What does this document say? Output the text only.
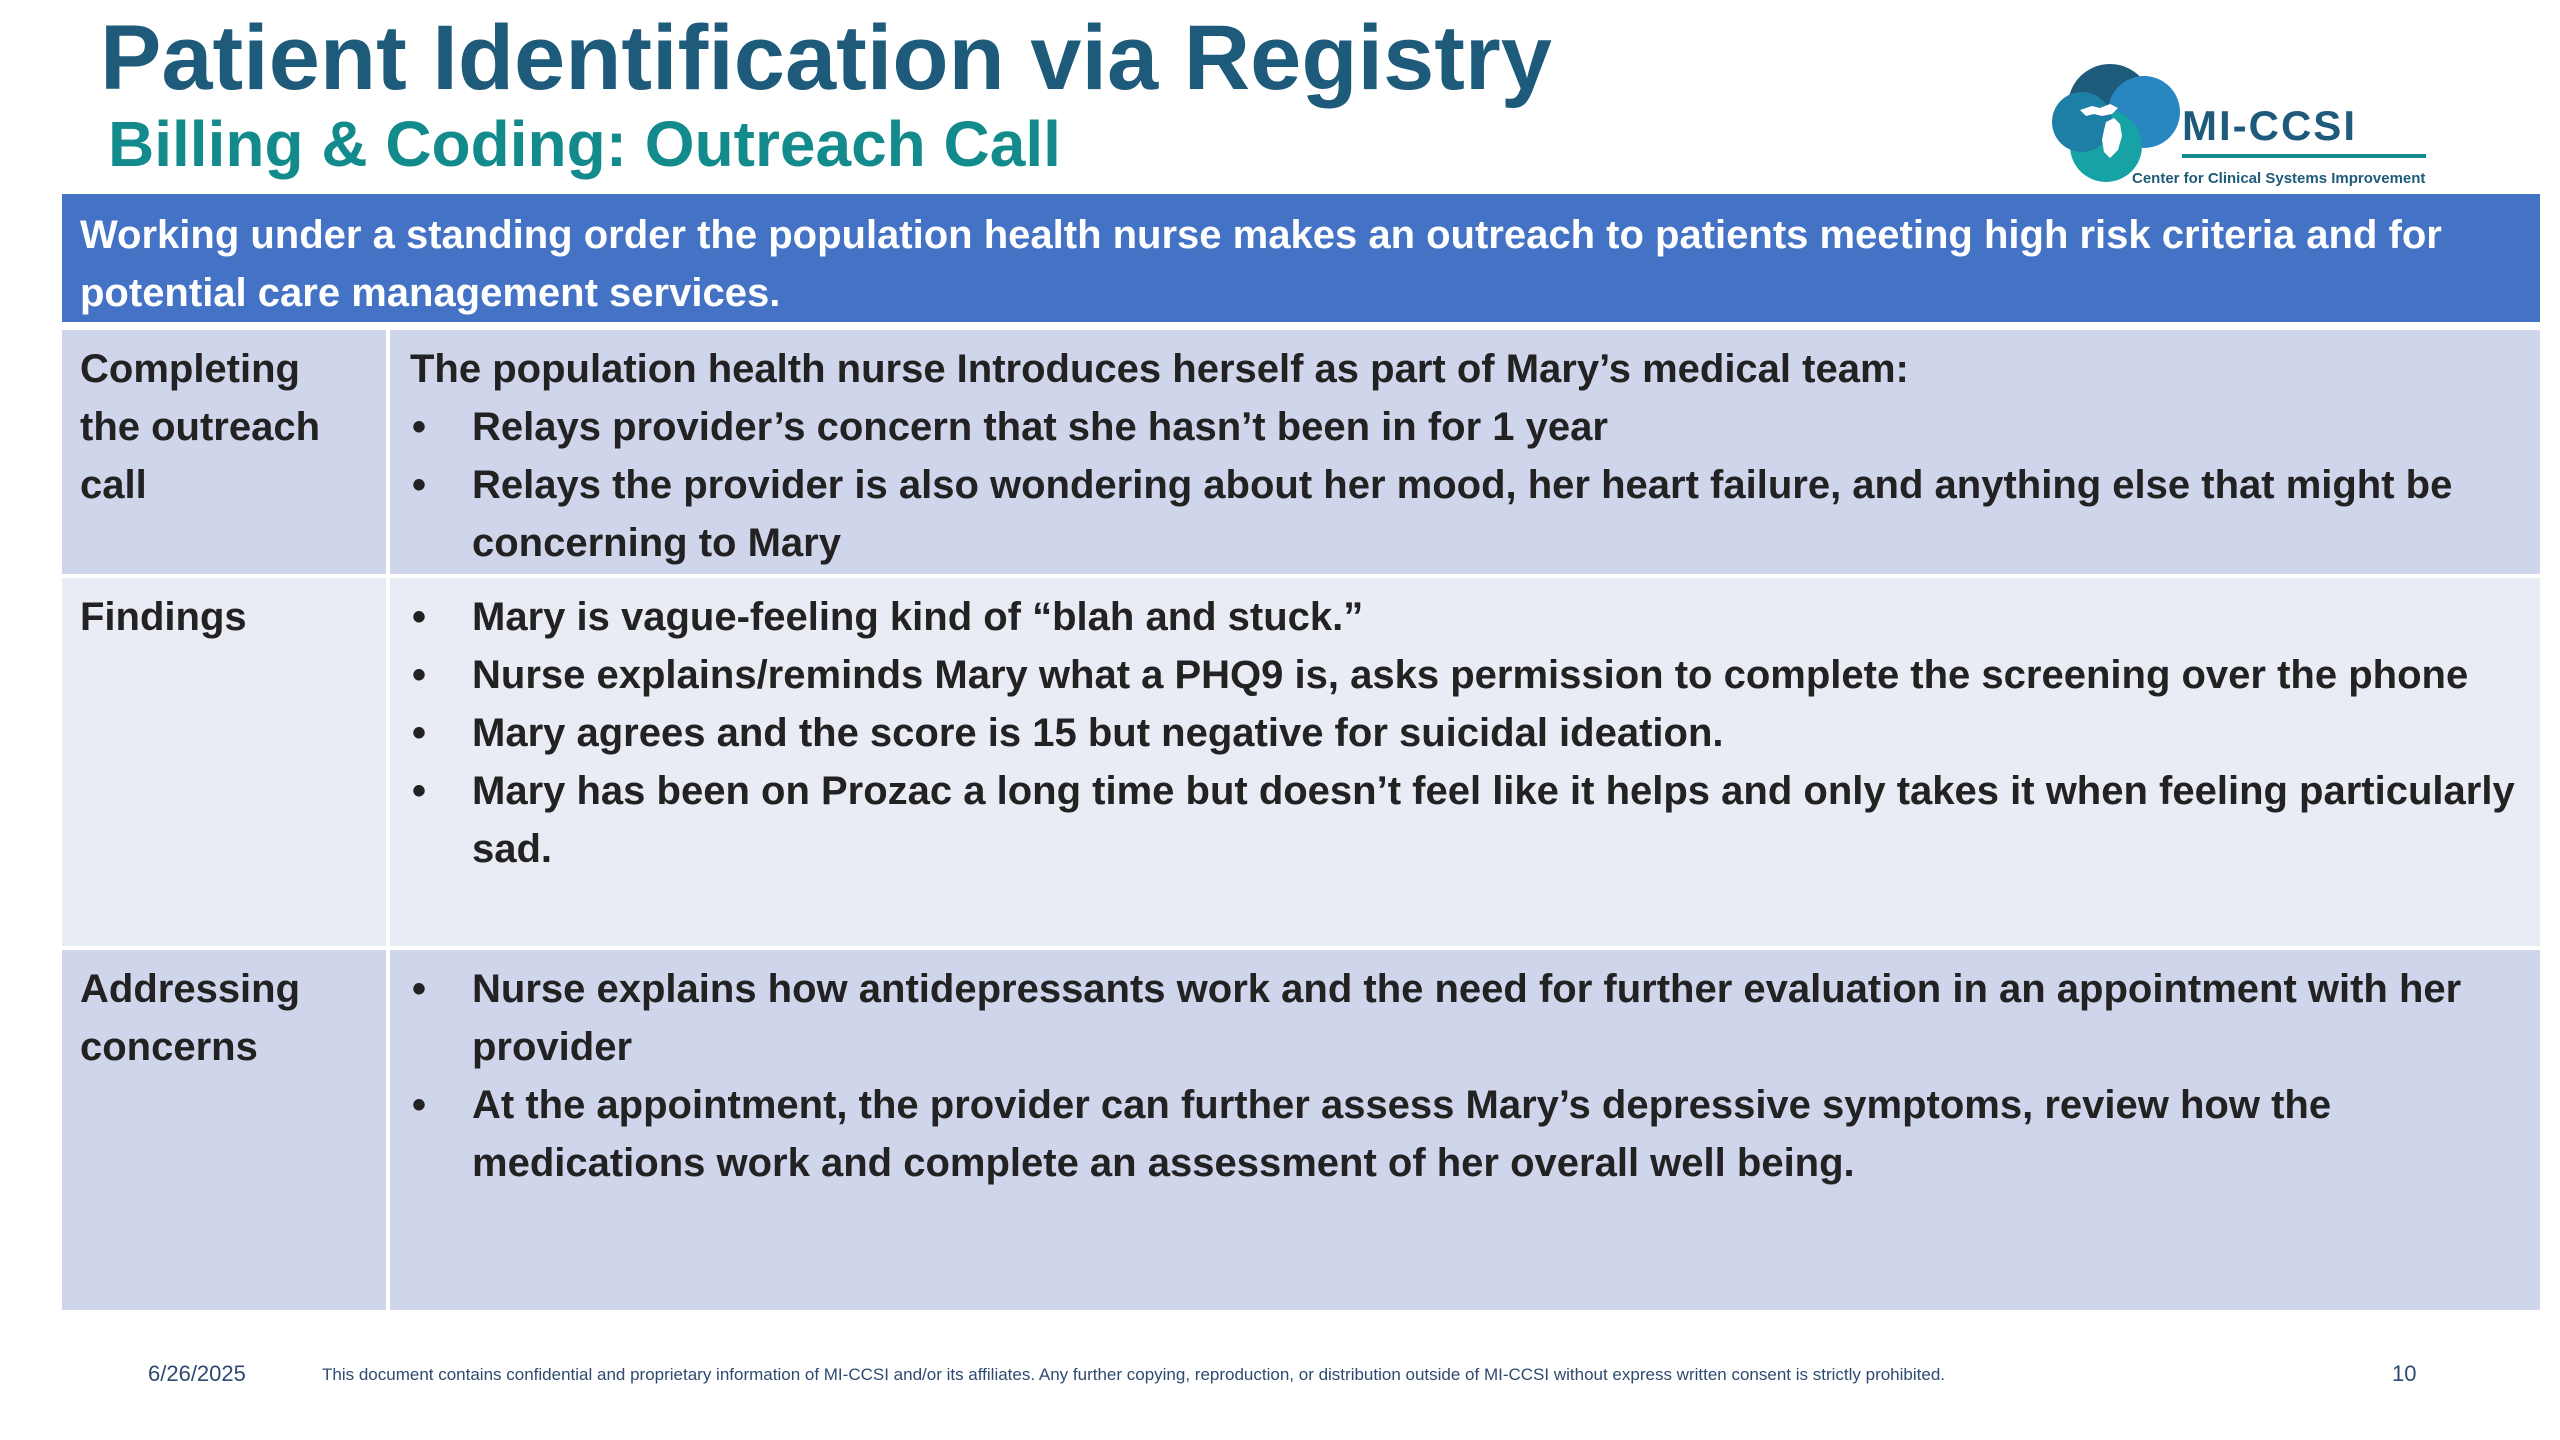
Patient Identification via Registry
Billing & Coding: Outreach Call	MI-CCSI
Center for Clinical Systems Improvement
Working under a standing order the population health nurse makes an outreach to patients meeting high risk criteria and for potential care management services.
Completing the outreach call

The population health nurse Introduces herself as part of Mary’s medical team:

• Relays provider’s concern that she hasn’t been in for 1 year
• Relays the provider is also wondering about her mood, her heart failure, and anything else that might be concerning to Mary
Findings
•	Mary is vague-feeling kind of “blah and stuck.”
• Nurse explains/reminds Mary what a PHQ9 is, asks permission to complete the screening over the phone
• Mary agrees and the score is 15 but negative for suicidal ideation.
• Mary has been on Prozac a long time but doesn’t feel like it helps and only takes it when feeling particularly sad.
Addressing concerns
• Nurse explains how antidepressants work and the need for further evaluation in an appointment with her provider
• At the appointment, the provider can further assess Mary’s depressive symptoms, review how the medications work and complete an assessment of her overall well being.
6/26/2025	This document contains confidential and proprietary information of MI-CCSI and/or its affiliates. Any further copying, reproduction, or distribution outside of MI-CCSI without express written consent is strictly prohibited.	10
